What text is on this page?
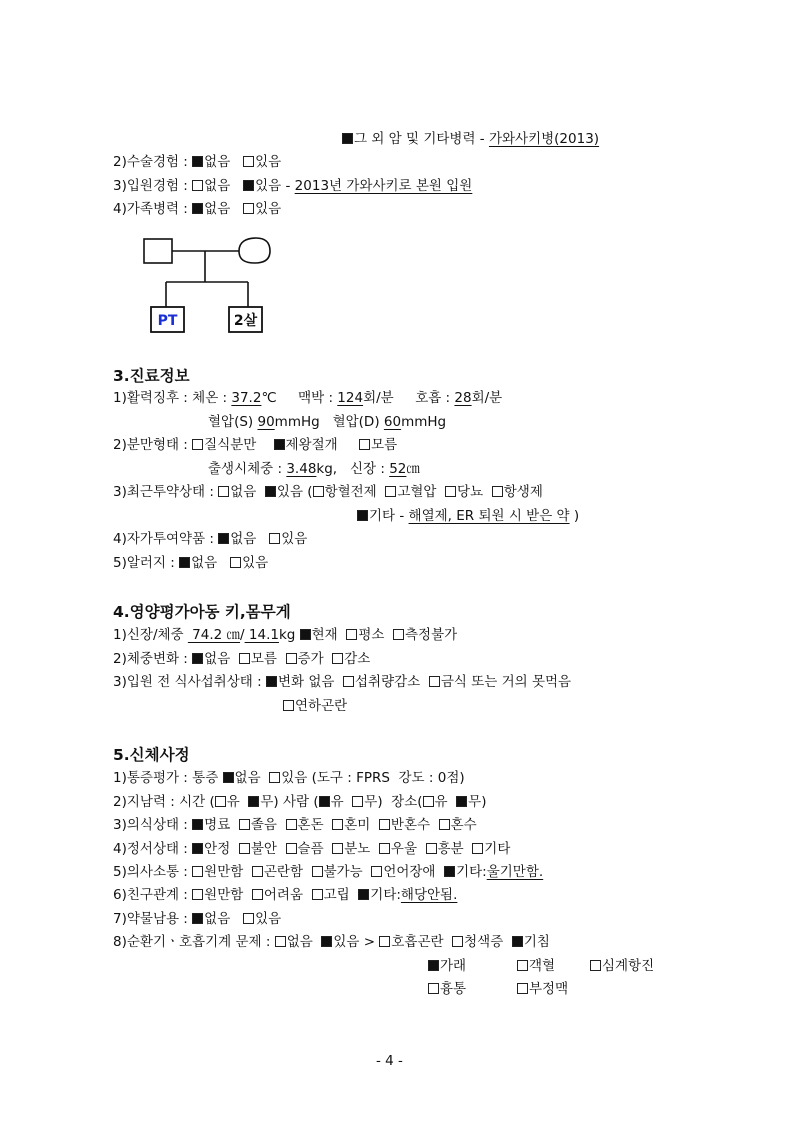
그 외 암 및 기타병력 - 가와사키병(2013)
2)수술경험 : 없음 있음
3)입원경험 : 없음 있음 - 2013년 가와사키로 본원 입원
4)가족병력 : 없음 있음
PT	2살
3.진료정보
1)활력징후 : 체온 : 37.2℃ 맥박 : 124회/분 호흡 : 28회/분
혈압(S) 90mmHg 혈압(D) 60mmHg
2)분만형태 : 질식분만 제왕절개 모름
출생시체중 : 3.48kg, 신장 : 52㎝
3)최근투약상태 : 없음 있음 ( 항혈전제 고혈압 당뇨 항생제
기타 - 해열제, ER 퇴원 시 받은 약 )
4)자가투여약품 : 없음 있음
5)알러지 : 없음 있음
4.영양평가아동 키,몸무게
1)신장/체중  74.2 ㎝/ 14.1kg 현재 평소 측정불가
2)체중변화 : 없음 모름 증가 감소
3)입원 전 식사섭취상태 : 변화 없음 섭취량감소 금식 또는 거의 못먹음
연하곤란
5.신체사정
1)통증평가 : 통증 없음 있음 (도구 : FPRS  강도 : 0점)
2)지남력 : 시간 ( 유 무) 사람 ( 유 무)  장소( 유 무)
3)의식상태 : 명료 졸음 혼돈 혼미 반혼수 혼수
4)정서상태 : 안정 불안 슬픔 분노 우울 흥분 기타
5)의사소통 : 원만함 곤란함 불가능 언어장애 기타:울기만함.
6)친구관계 : 원만함 어려움 고립 기타:해당안됨.
7)약물남용 : 없음 있음
8)순환기ㆍ호흡기계 문제 : 없음 있음 > 호흡곤란 청색증 기침
가래	객혈	심계항진
흉통	부정맥
- 4 -
